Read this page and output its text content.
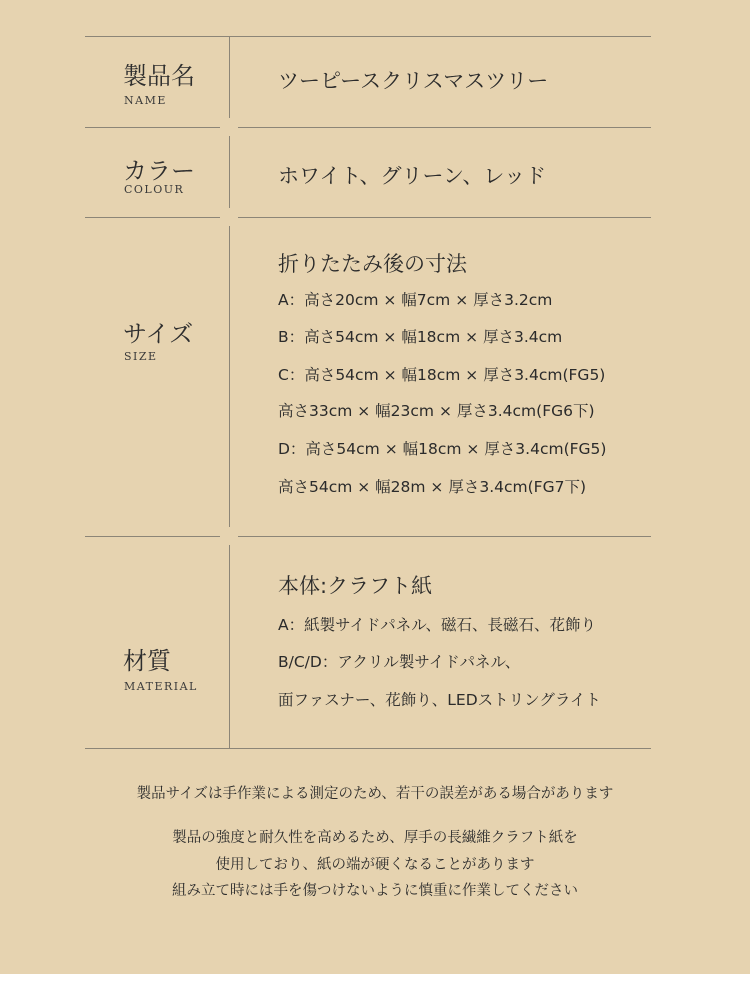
製品名
NAME
ツーピースクリスマスツリー
カラー
COLOUR
ホワイト、グリーン、レッド
サイズ
SIZE
折りたたみ後の寸法
A：高さ20cm × 幅7cm × 厚さ3.2cm
B：高さ54cm × 幅18cm × 厚さ3.4cm
C：高さ54cm × 幅18cm × 厚さ3.4cm(FG5)
高さ33cm × 幅23cm × 厚さ3.4cm(FG6下)
D：高さ54cm × 幅18cm × 厚さ3.4cm(FG5)
高さ54cm × 幅28m × 厚さ3.4cm(FG7下)
材質
MATERIAL
本体:クラフト紙
A：紙製サイドパネル、磁石、長磁石、花飾り
B/C/D：アクリル製サイドパネル、
面ファスナー、花飾り、LEDストリングライト
製品サイズは手作業による測定のため、若干の誤差がある場合があります
製品の強度と耐久性を高めるため、厚手の長繊維クラフト紙を
使用しており、紙の端が硬くなることがあります
組み立て時には手を傷つけないように慎重に作業してください
